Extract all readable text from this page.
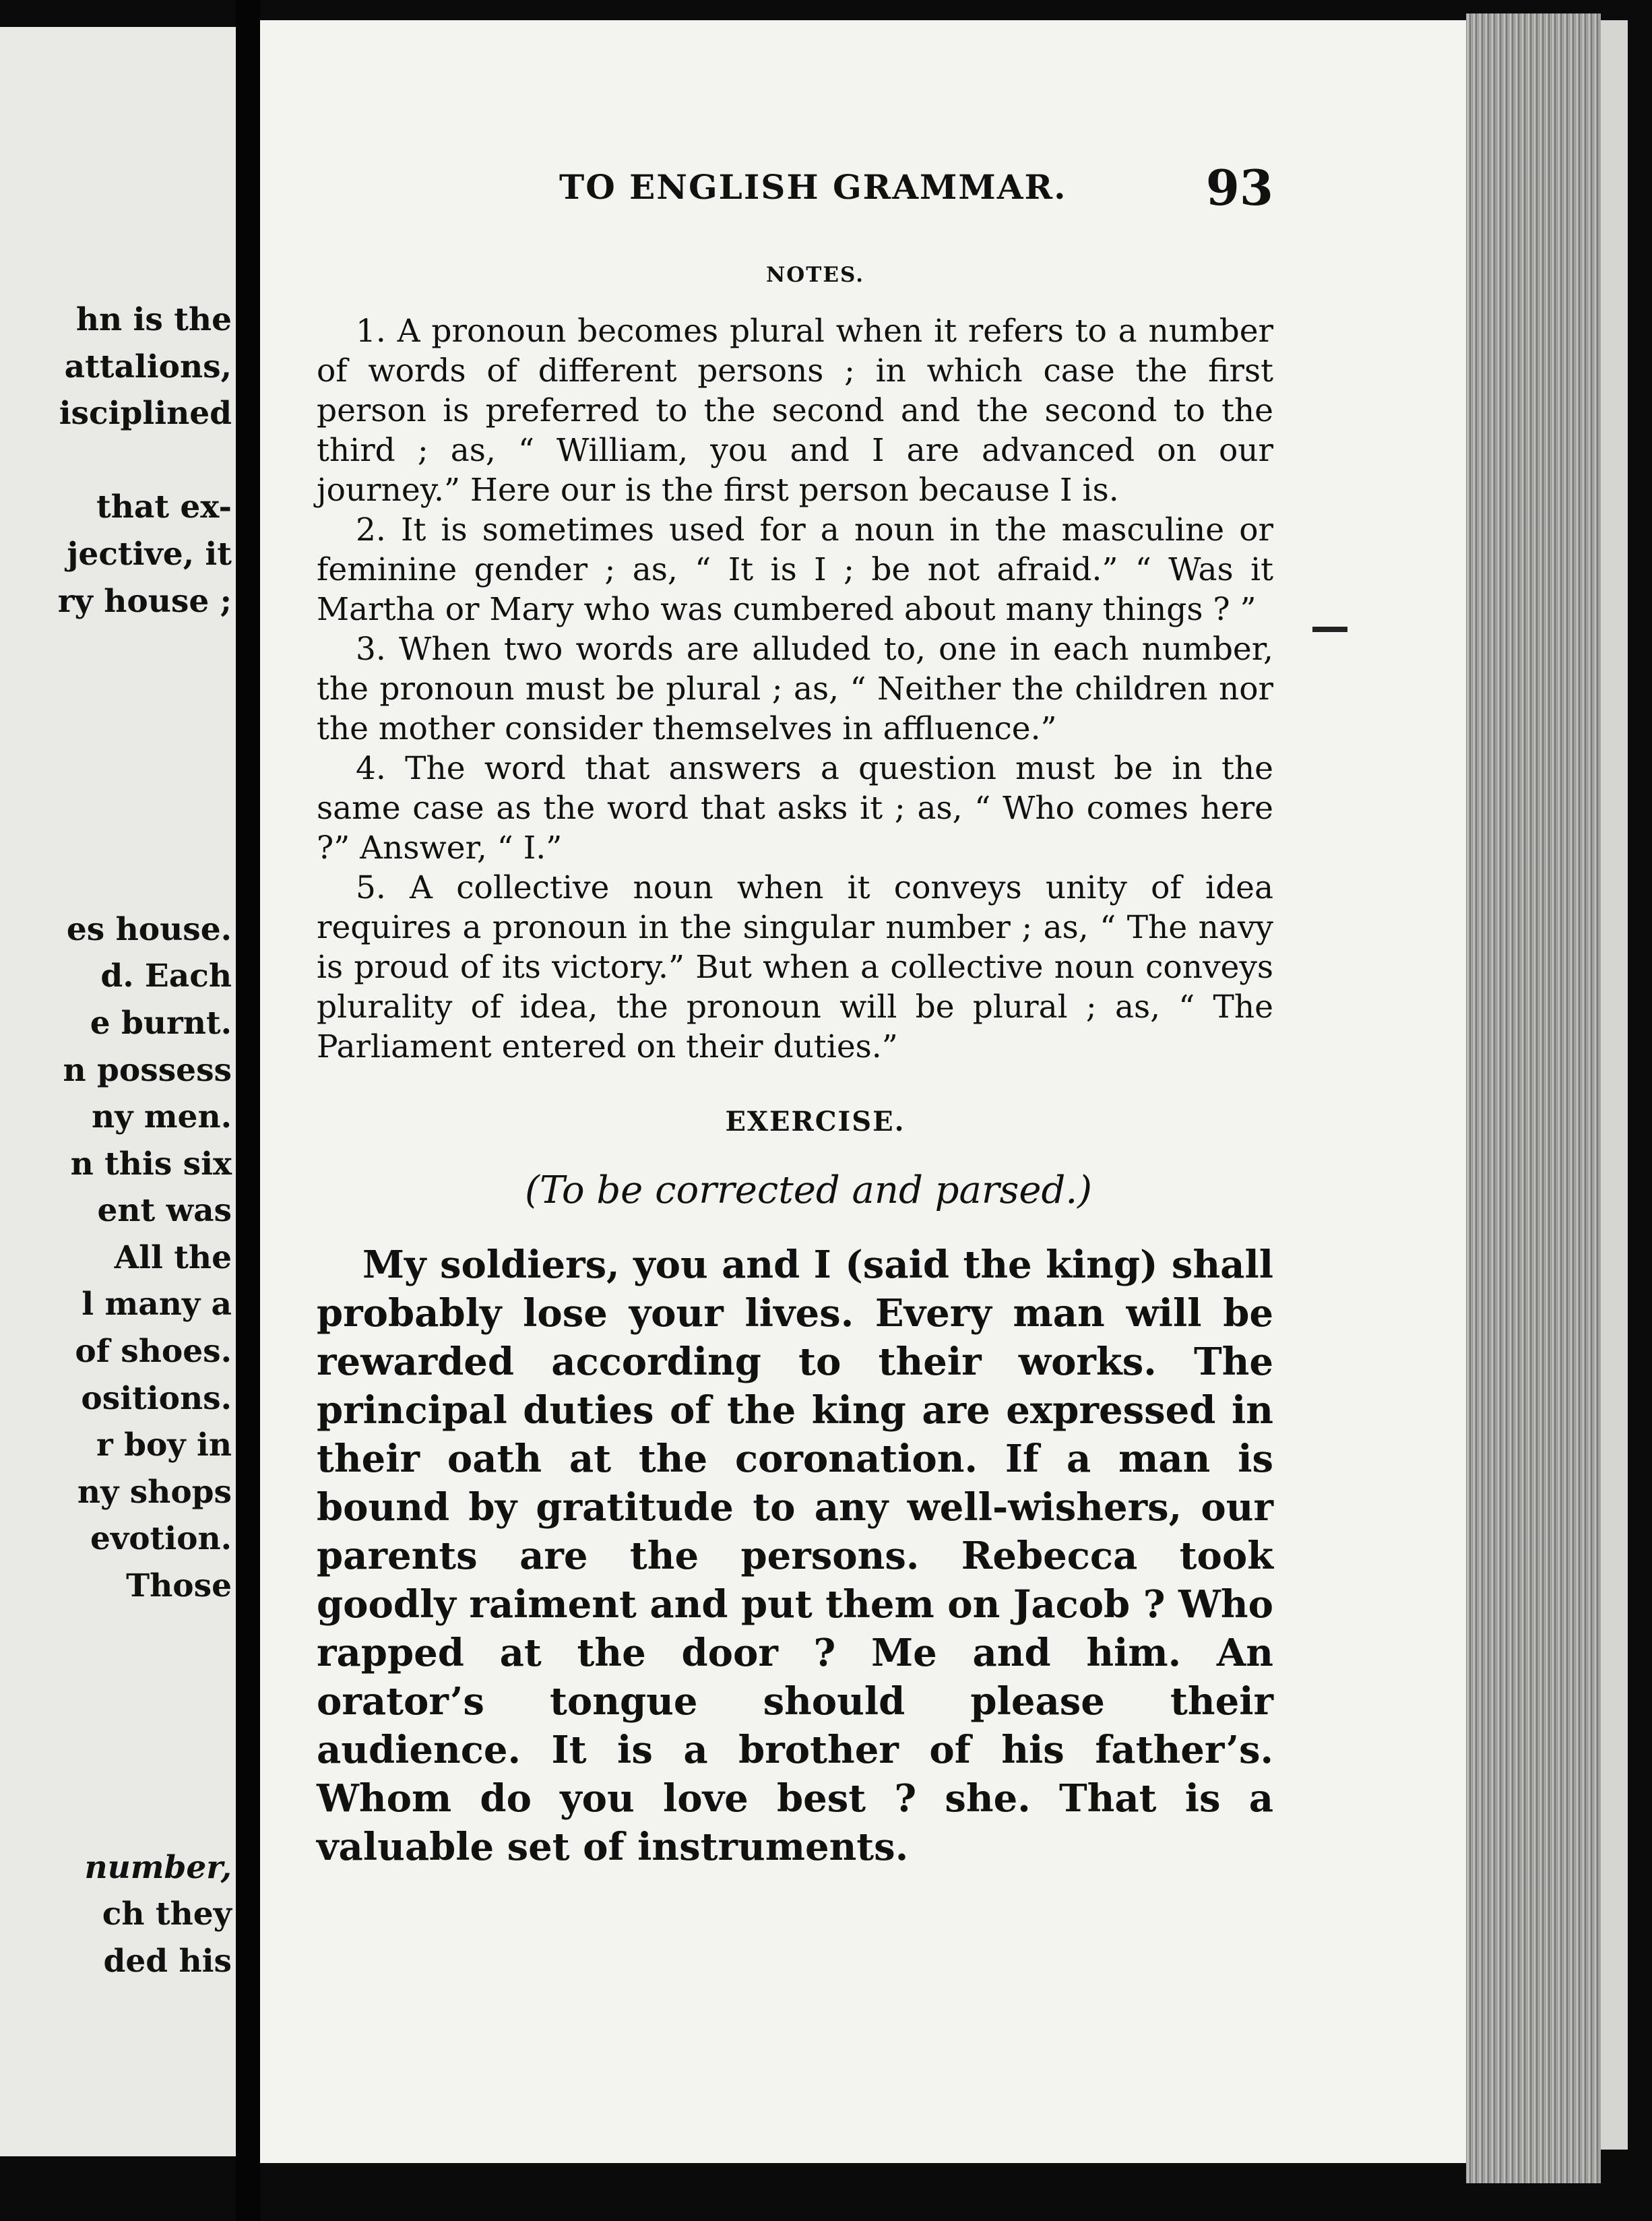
hn is the
attalions,
isciplined

that ex-
jective, it
ry house ;

es house.
d. Each
e burnt.
n possess
ny men.
n this six
ent was
All the
l many a
of shoes.
ositions.
r boy in
ny shops
evotion.
Those

number,
ch they
ded his
TO ENGLISH GRAMMAR.	93
NOTES.

1. A pronoun becomes plural when it refers to a number of words of different persons ; in which case the first person is preferred to the second and the second to the third ; as, “ William, you and I are advanced on our journey.” Here our is the first person because I is.

2. It is sometimes used for a noun in the masculine or feminine gender ; as, “ It is I ; be not afraid.” “ Was it Martha or Mary who was cumbered about many things ? ”

3. When two words are alluded to, one in each number, the pronoun must be plural ; as, “ Neither the children nor the mother consider themselves in affluence.”

4. The word that answers a question must be in the same case as the word that asks it ; as, “ Who comes here ?” Answer, “ I.”

5. A collective noun when it conveys unity of idea requires a pronoun in the singular number ; as, “ The navy is proud of its victory.” But when a collective noun conveys plurality of idea, the pronoun will be plural ; as, “ The Parliament entered on their duties.”

EXERCISE.
(To be corrected and parsed.)

My soldiers, you and I (said the king) shall probably lose your lives. Every man will be rewarded according to their works. The principal duties of the king are expressed in their oath at the coronation. If a man is bound by gratitude to any well-wishers, our parents are the persons. Rebecca took goodly raiment and put them on Jacob ? Who rapped at the door ? Me and him. An orator’s tongue should please their audience. It is a brother of his father’s. Whom do you love best ? she. That is a valuable set of instruments.
